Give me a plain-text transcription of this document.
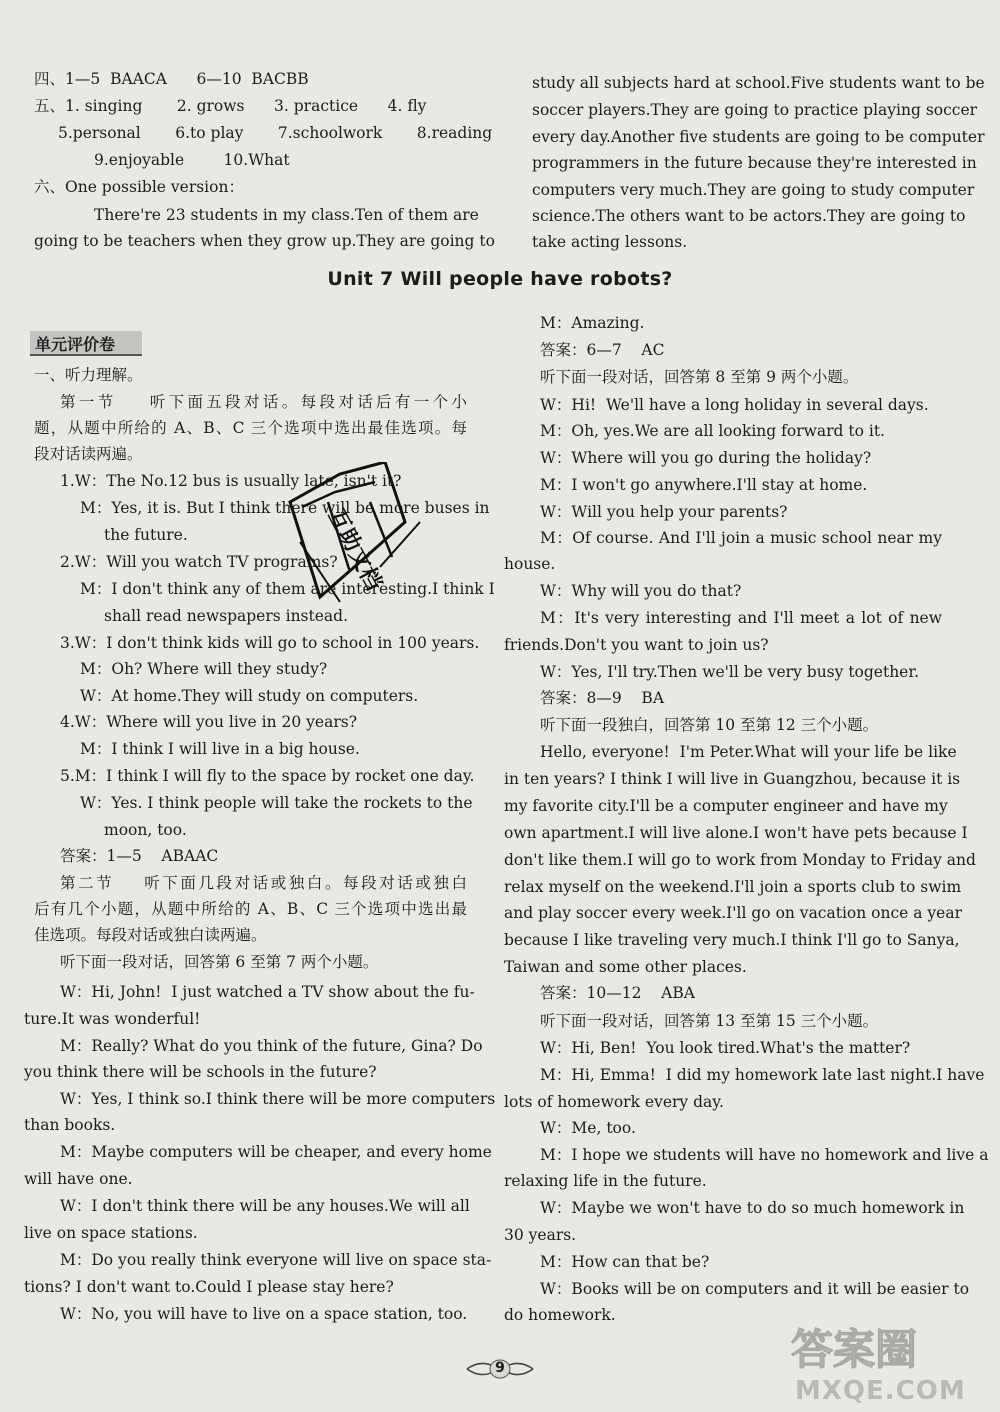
四、1—5  BAACA      6—10  BACBB
五、1. singing       2. grows      3. practice      4. fly
5.personal       6.to play       7.schoolwork       8.reading
9.enjoyable        10.What
六、One possible version：
There're 23 students in my class.Ten of them are
going to be teachers when they grow up.They are going to
study all subjects hard at school.Five students want to be
soccer players.They are going to practice playing soccer
every day.Another five students are going to be computer
programmers in the future because they're interested in
computers very much.They are going to study computer
science.The others want to be actors.They are going to
take acting lessons.
Unit 7 Will people have robots?
单元评价卷
一、听力理解。
第一节    听下面五段对话。每段对话后有一个小
题，从题中所给的 A、B、C 三个选项中选出最佳选项。每
段对话读两遍。
1.W：The No.12 bus is usually late, isn't it?
M：Yes, it is. But I think there will be more buses in
the future.
2.W：Will you watch TV programs?
M：I don't think any of them are interesting.I think I
shall read newspapers instead.
3.W：I don't think kids will go to school in 100 years.
M：Oh? Where will they study?
W：At home.They will study on computers.
4.W：Where will you live in 20 years?
M：I think I will live in a big house.
5.M：I think I will fly to the space by rocket one day.
W：Yes. I think people will take the rockets to the
moon, too.
答案：1—5    ABAAC
第二节    听下面几段对话或独白。每段对话或独白
后有几个小题，从题中所给的 A、B、C 三个选项中选出最
佳选项。每段对话或独白读两遍。
听下面一段对话，回答第 6 至第 7 两个小题。
W：Hi, John!  I just watched a TV show about the fu-
ture.It was wonderful!
M：Really? What do you think of the future, Gina? Do
you think there will be schools in the future?
W：Yes, I think so.I think there will be more computers
than books.
M：Maybe computers will be cheaper, and every home
will have one.
W：I don't think there will be any houses.We will all
live on space stations.
M：Do you really think everyone will live on space sta-
tions? I don't want to.Could I please stay here?
W：No, you will have to live on a space station, too.
M：Amazing.
答案：6—7    AC
听下面一段对话，回答第 8 至第 9 两个小题。
W：Hi!  We'll have a long holiday in several days.
M：Oh, yes.We are all looking forward to it.
W：Where will you go during the holiday?
M：I won't go anywhere.I'll stay at home.
W：Will you help your parents?
M：Of course. And I'll join a music school near my
house.
W：Why will you do that?
M：It's very interesting and I'll meet a lot of new
friends.Don't you want to join us?
W：Yes, I'll try.Then we'll be very busy together.
答案：8—9    BA
听下面一段独白，回答第 10 至第 12 三个小题。
Hello, everyone!  I'm Peter.What will your life be like
in ten years? I think I will live in Guangzhou, because it is
my favorite city.I'll be a computer engineer and have my
own apartment.I will live alone.I won't have pets because I
don't like them.I will go to work from Monday to Friday and
relax myself on the weekend.I'll join a sports club to swim
and play soccer every week.I'll go on vacation once a year
because I like traveling very much.I think I'll go to Sanya,
Taiwan and some other places.
答案：10—12    ABA
听下面一段对话，回答第 13 至第 15 三个小题。
W：Hi, Ben!  You look tired.What's the matter?
M：Hi, Emma!  I did my homework late last night.I have
lots of homework every day.
W：Me, too.
M：I hope we students will have no homework and live a
relaxing life in the future.
W：Maybe we won't have to do so much homework in
30 years.
M：How can that be?
W：Books will be on computers and it will be easier to
do homework.
互助文档
9	答案圈
MXQE.COM
